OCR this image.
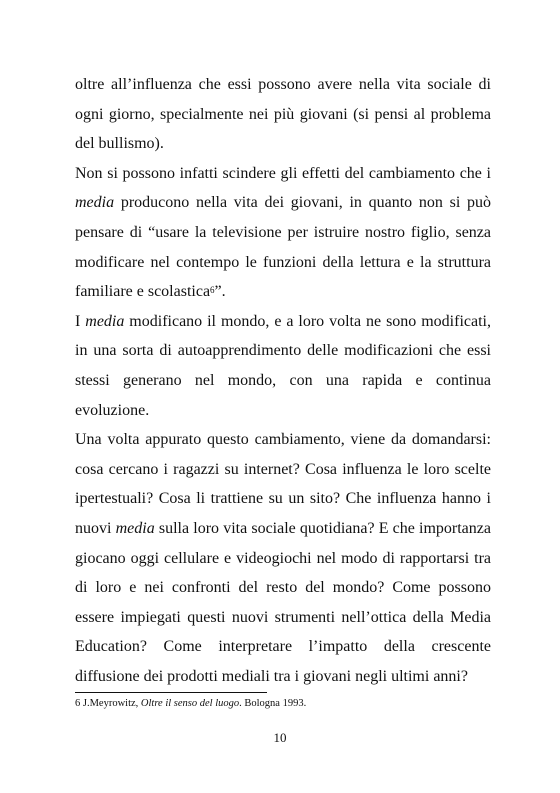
oltre all’influenza che essi possono avere nella vita sociale di
ogni giorno, specialmente nei più giovani (si pensi al problema
del bullismo).

Non si possono infatti scindere gli effetti del cambiamento che i
media producono nella vita dei giovani, in quanto non si può
pensare di “usare la televisione per istruire nostro figlio, senza
modificare nel contempo le funzioni della lettura e la struttura
familiare e scolastica$^6$”.

I media modificano il mondo, e a loro volta ne sono modificati,
in una sorta di autoapprendimento delle modificazioni che essi
stessi generano nel mondo, con una rapida e continua
evoluzione.

Una volta appurato questo cambiamento, viene da domandarsi:
cosa cercano i ragazzi su internet? Cosa influenza le loro scelte
ipertestuali? Cosa li trattiene su un sito? Che influenza hanno i
nuovi media sulla loro vita sociale quotidiana? E che importanza
giocano oggi cellulare e videogiochi nel modo di rapportarsi tra
di loro e nei confronti del resto del mondo? Come possono
essere impiegati questi nuovi strumenti nell’ottica della Media
Education? Come interpretare l’impatto della crescente
diffusione dei prodotti mediali tra i giovani negli ultimi anni?

6 J.Meyrowitz, Oltre il senso del luogo. Bologna 1993.
10
